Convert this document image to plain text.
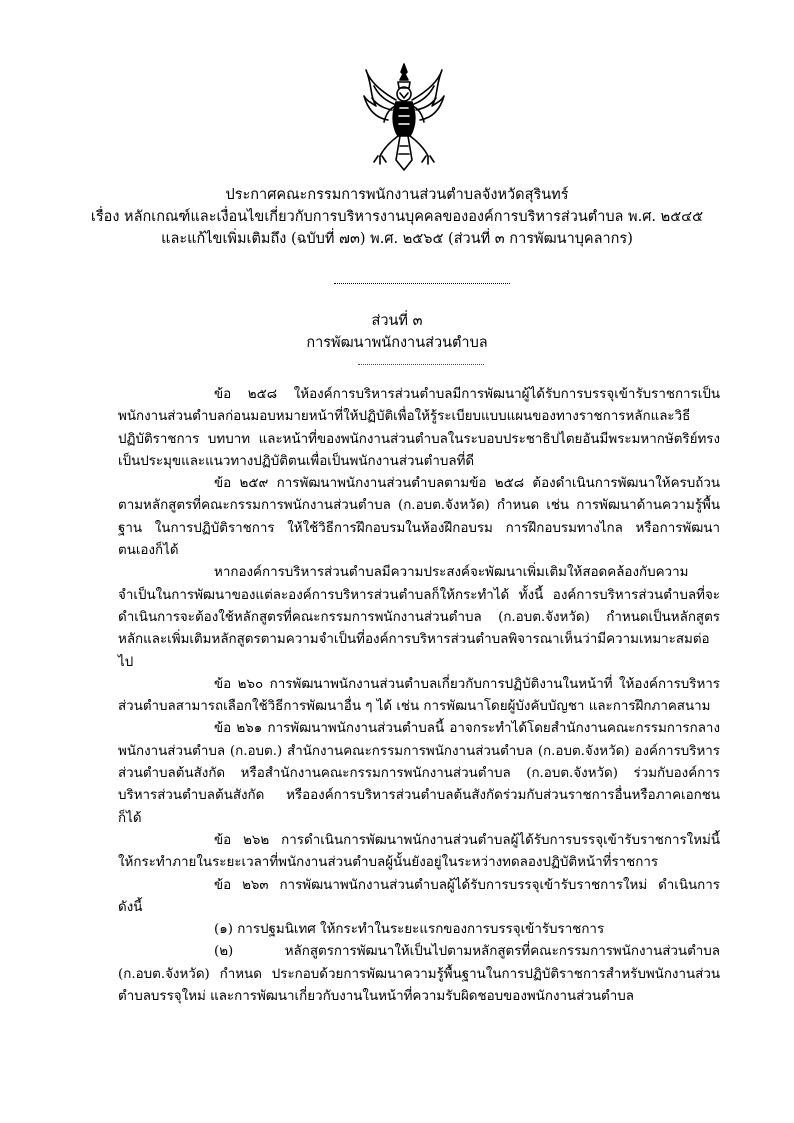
ประกาศคณะกรรมการพนักงานส่วนตำบลจังหวัดสุรินทร์
เรื่อง หลักเกณฑ์และเงื่อนไขเกี่ยวกับการบริหารงานบุคคลขององค์การบริหารส่วนตำบล พ.ศ. ๒๕๔๕
และแก้ไขเพิ่มเติมถึง (ฉบับที่ ๗๓) พ.ศ. ๒๕๖๕ (ส่วนที่ ๓ การพัฒนาบุคลากร)
ส่วนที่ ๓
การพัฒนาพนักงานส่วนตำบล

ข้อ ๒๕๘ ให้องค์การบริหารส่วนตำบลมีการพัฒนาผู้ได้รับการบรรจุเข้ารับราชการเป็นพนักงานส่วนตำบลก่อนมอบหมายหน้าที่ให้ปฏิบัติเพื่อให้รู้ระเบียบแบบแผนของทางราชการหลักและวิธีปฏิบัติราชการ บทบาท และหน้าที่ของพนักงานส่วนตำบลในระบอบประชาธิปไตยอันมีพระมหากษัตริย์ทรงเป็นประมุขและแนวทางปฏิบัติตนเพื่อเป็นพนักงานส่วนตำบลที่ดี

ข้อ ๒๕๙ การพัฒนาพนักงานส่วนตำบลตามข้อ ๒๕๘ ต้องดำเนินการพัฒนาให้ครบถ้วนตามหลักสูตรที่คณะกรรมการพนักงานส่วนตำบล (ก.อบต.จังหวัด) กำหนด เช่น การพัฒนาด้านความรู้พื้นฐาน ในการปฏิบัติราชการ ให้ใช้วิธีการฝึกอบรมในห้องฝึกอบรม การฝึกอบรมทางไกล หรือการพัฒนาตนเองก็ได้

หากองค์การบริหารส่วนตำบลมีความประสงค์จะพัฒนาเพิ่มเติมให้สอดคล้องกับความจำเป็นในการพัฒนาของแต่ละองค์การบริหารส่วนตำบลก็ให้กระทำได้ ทั้งนี้ องค์การบริหารส่วนตำบลที่จะดำเนินการจะต้องใช้หลักสูตรที่คณะกรรมการพนักงานส่วนตำบล (ก.อบต.จังหวัด) กำหนดเป็นหลักสูตรหลักและเพิ่มเติมหลักสูตรตามความจำเป็นที่องค์การบริหารส่วนตำบลพิจารณาเห็นว่ามีความเหมาะสมต่อไป

ข้อ ๒๖๐ การพัฒนาพนักงานส่วนตำบลเกี่ยวกับการปฏิบัติงานในหน้าที่ ให้องค์การบริหารส่วนตำบลสามารถเลือกใช้วิธีการพัฒนาอื่น ๆ ได้ เช่น การพัฒนาโดยผู้บังคับบัญชา และการฝึกภาคสนาม

ข้อ ๒๖๑ การพัฒนาพนักงานส่วนตำบลนี้ อาจกระทำได้โดยสำนักงานคณะกรรมการกลางพนักงานส่วนตำบล (ก.อบต.) สำนักงานคณะกรรมการพนักงานส่วนตำบล (ก.อบต.จังหวัด) องค์การบริหารส่วนตำบลต้นสังกัด หรือสำนักงานคณะกรรมการพนักงานส่วนตำบล (ก.อบต.จังหวัด) ร่วมกับองค์การบริหารส่วนตำบลต้นสังกัด หรือองค์การบริหารส่วนตำบลต้นสังกัดร่วมกับส่วนราชการอื่นหรือภาคเอกชนก็ได้

ข้อ ๒๖๒ การดำเนินการพัฒนาพนักงานส่วนตำบลผู้ได้รับการบรรจุเข้ารับราชการใหม่นี้ให้กระทำภายในระยะเวลาที่พนักงานส่วนตำบลผู้นั้นยังอยู่ในระหว่างทดลองปฏิบัติหน้าที่ราชการ

ข้อ ๒๖๓ การพัฒนาพนักงานส่วนตำบลผู้ได้รับการบรรจุเข้ารับราชการใหม่ ดำเนินการ ดังนี้

(๑) การปฐมนิเทศ ให้กระทำในระยะแรกของการบรรจุเข้ารับราชการ

(๒) หลักสูตรการพัฒนาให้เป็นไปตามหลักสูตรที่คณะกรรมการพนักงานส่วนตำบล (ก.อบต.จังหวัด) กำหนด ประกอบด้วยการพัฒนาความรู้พื้นฐานในการปฏิบัติราชการสำหรับพนักงานส่วนตำบลบรรจุใหม่ และการพัฒนาเกี่ยวกับงานในหน้าที่ความรับผิดชอบของพนักงานส่วนตำบล
